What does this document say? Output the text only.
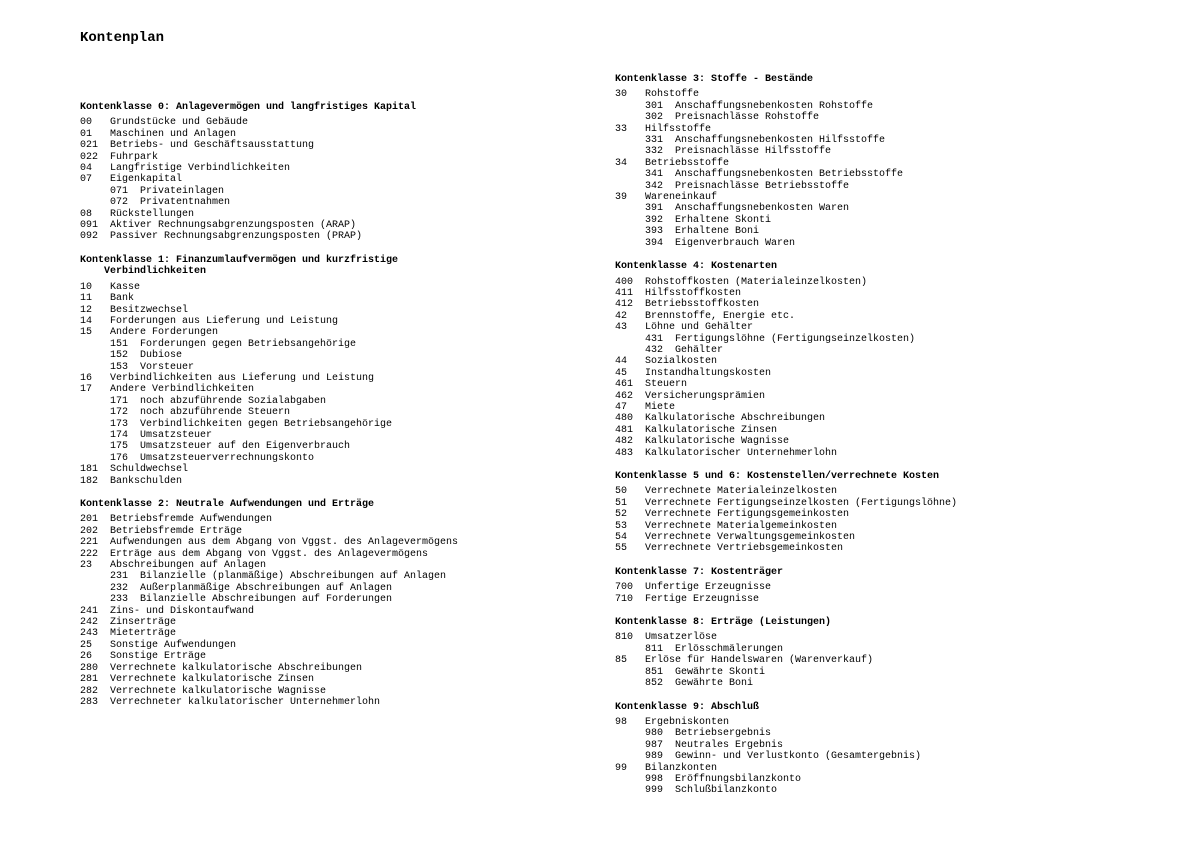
Kontenplan
Kontenklasse 0: Anlagevermögen und langfristiges Kapital
00	Grundstücke und Gebäude
01	Maschinen und Anlagen
021	Betriebs- und Geschäftsausstattung
022	Fuhrpark
04	Langfristige Verbindlichkeiten
07	Eigenkapital
071	Privateinlagen
072	Privatentnahmen
08	Rückstellungen
091	Aktiver Rechnungsabgrenzungsposten (ARAP)
092	Passiver Rechnungsabgrenzungsposten (PRAP)
Kontenklasse 1: Finanzumlaufvermögen und kurzfristige
Verbindlichkeiten
10	Kasse
11	Bank
12	Besitzwechsel
14	Forderungen aus Lieferung und Leistung
15	Andere Forderungen
151	Forderungen gegen Betriebsangehörige
152	Dubiose
153	Vorsteuer
16	Verbindlichkeiten aus Lieferung und Leistung
17	Andere Verbindlichkeiten
171	noch abzuführende Sozialabgaben
172	noch abzuführende Steuern
173	Verbindlichkeiten gegen Betriebsangehörige
174	Umsatzsteuer
175	Umsatzsteuer auf den Eigenverbrauch
176	Umsatzsteuerverrechnungskonto
181	Schuldwechsel
182	Bankschulden
Kontenklasse 2: Neutrale Aufwendungen und Erträge
201	Betriebsfremde Aufwendungen
202	Betriebsfremde Erträge
221	Aufwendungen aus dem Abgang von Vggst. des Anlagevermögens
222	Erträge aus dem Abgang von Vggst. des Anlagevermögens
23	Abschreibungen auf Anlagen
231	Bilanzielle (planmäßige) Abschreibungen auf Anlagen
232	Außerplanmäßige Abschreibungen auf Anlagen
233	Bilanzielle Abschreibungen auf Forderungen
241	Zins- und Diskontaufwand
242	Zinserträge
243	Mieterträge
25	Sonstige Aufwendungen
26	Sonstige Erträge
280	Verrechnete kalkulatorische Abschreibungen
281	Verrechnete kalkulatorische Zinsen
282	Verrechnete kalkulatorische Wagnisse
283	Verrechneter kalkulatorischer Unternehmerlohn
Kontenklasse 3: Stoffe - Bestände
30	Rohstoffe
301	Anschaffungsnebenkosten Rohstoffe
302	Preisnachlässe Rohstoffe
33	Hilfsstoffe
331	Anschaffungsnebenkosten Hilfsstoffe
332	Preisnachlässe Hilfsstoffe
34	Betriebsstoffe
341	Anschaffungsnebenkosten Betriebsstoffe
342	Preisnachlässe Betriebsstoffe
39	Wareneinkauf
391	Anschaffungsnebenkosten Waren
392	Erhaltene Skonti
393	Erhaltene Boni
394	Eigenverbrauch Waren
Kontenklasse 4: Kostenarten
400	Rohstoffkosten (Materialeinzelkosten)
411	Hilfsstoffkosten
412	Betriebsstoffkosten
42	Brennstoffe, Energie etc.
43	Löhne und Gehälter
431	Fertigungslöhne (Fertigungseinzelkosten)
432	Gehälter
44	Sozialkosten
45	Instandhaltungskosten
461	Steuern
462	Versicherungsprämien
47	Miete
480	Kalkulatorische Abschreibungen
481	Kalkulatorische Zinsen
482	Kalkulatorische Wagnisse
483	Kalkulatorischer Unternehmerlohn
Kontenklasse 5 und 6: Kostenstellen/verrechnete Kosten
50	Verrechnete Materialeinzelkosten
51	Verrechnete Fertigungseinzelkosten (Fertigungslöhne)
52	Verrechnete Fertigungsgemeinkosten
53	Verrechnete Materialgemeinkosten
54	Verrechnete Verwaltungsgemeinkosten
55	Verrechnete Vertriebsgemeinkosten
Kontenklasse 7: Kostenträger
700	Unfertige Erzeugnisse
710	Fertige Erzeugnisse
Kontenklasse 8: Erträge (Leistungen)
810	Umsatzerlöse
811	Erlösschmälerungen
85	Erlöse für Handelswaren (Warenverkauf)
851	Gewährte Skonti
852	Gewährte Boni
Kontenklasse 9: Abschluß
98	Ergebniskonten
980	Betriebsergebnis
987	Neutrales Ergebnis
989	Gewinn- und Verlustkonto (Gesamtergebnis)
99	Bilanzkonten
998	Eröffnungsbilanzkonto
999	Schlußbilanzkonto
